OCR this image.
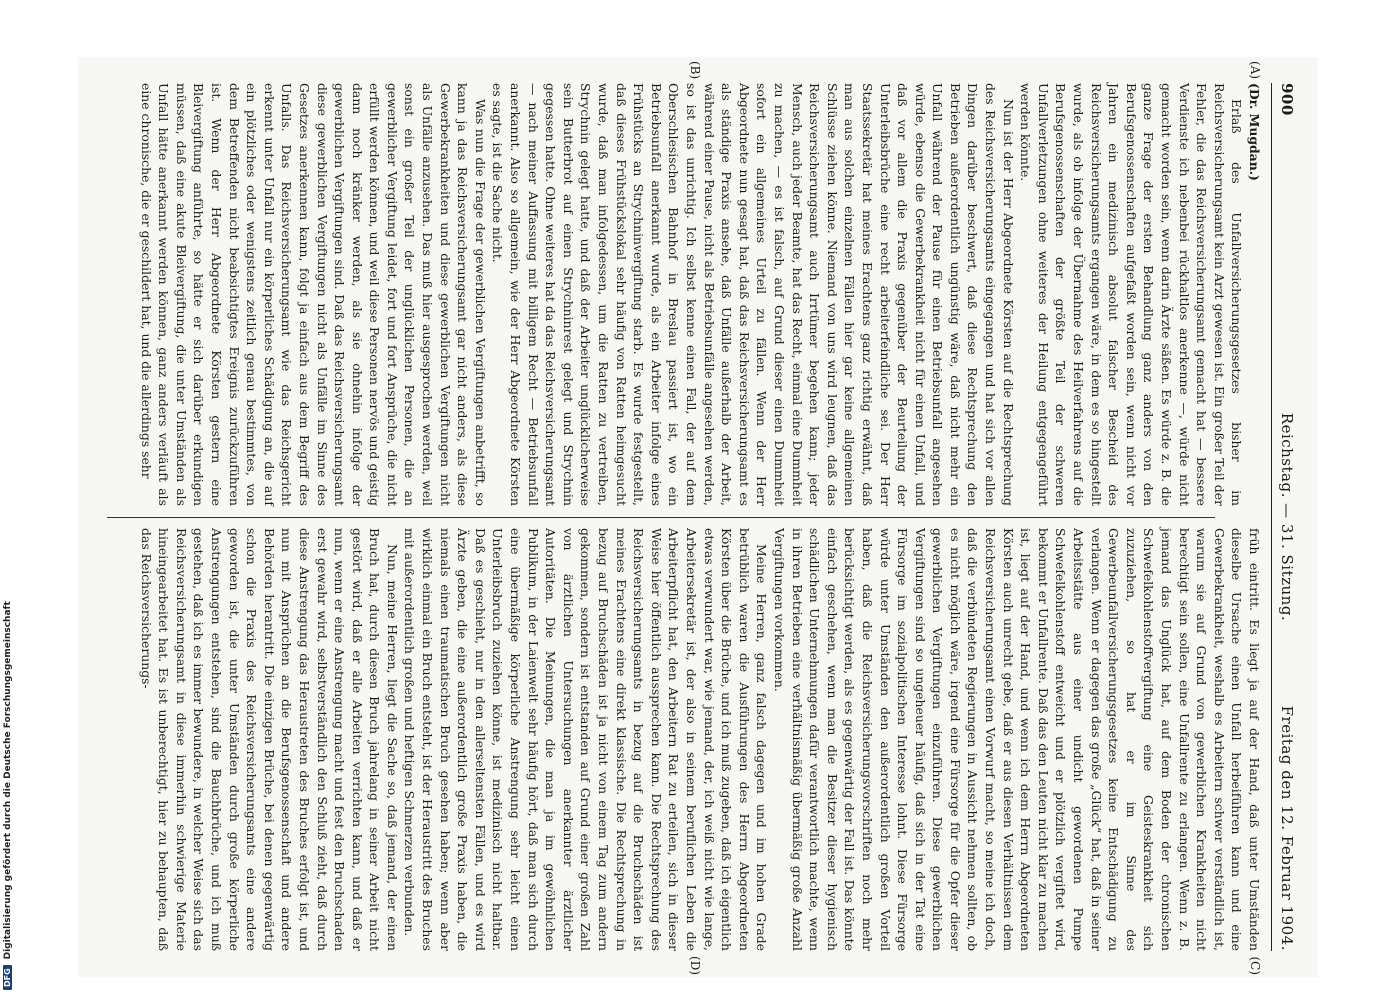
DFGDigitalisierung gefördert durch die Deutsche Forschungsgemeinschaft
900
Reichstag. — 31. Sitzung.
Freitag den 12. Februar 1904.
(A)
(B)

(Dr. Mugdan.)

Erlaß des Unfallversicherungsgesetzes bisher im Reichsversicherungsamt kein Arzt gewesen ist. Ein großer Teil der Fehler, die das Reichsversicherungsamt gemacht hat — bessere Verdienste ich nebenbei rückhaltlos anerkenne —, würde nicht gemacht worden sein, wenn darin Ärzte säßen. Es würde z. B. die ganze Frage der ersten Behandlung ganz anders von den Berufsgenossenschaften aufgefaßt worden sein, wenn nicht vor Jahren ein medizinisch absolut falscher Bescheid des Reichsversicherungsamts ergangen wäre, in dem es so hingestellt wurde, als ob infolge der Übernahme des Heilverfahrens auf die Berufsgenossenschaften der größte Teil der schweren Unfallverletzungen ohne weiteres der Heilung entgegengeführt werden könnte.

Nun ist der Herr Abgeordnete Körsten auf die Rechtsprechung des Reichsversicherungsamts eingegangen und hat sich vor allen Dingen darüber beschwert, daß diese Rechtsprechung den Betrieben außerordentlich ungünstig wäre, daß nicht mehr ein Unfall während der Pause für einen Betriebsunfall angesehen würde, ebenso die Gewerbekrankheit nicht für einen Unfall, und daß vor allem die Praxis gegenüber der Beurteilung der Unterleibsbrüche eine recht arbeiterfeindliche sei. Der Herr Staatssekretär hat meines Erachtens ganz richtig erwähnt, daß man aus solchen einzelnen Fällen hier gar keine allgemeinen Schlüsse ziehen könne. Niemand von uns wird leugnen, daß das Reichsversicherungsamt auch Irrtümer begehen kann; jeder Mensch, auch jeder Beamte, hat das Recht, einmal eine Dummheit zu machen, — es ist falsch, auf Grund dieser einen Dummheit sofort ein allgemeines Urteil zu fällen. Wenn der Herr Abgeordnete nun gesagt hat, daß das Reichsversicherungsamt es als ständige Praxis ansehe, daß Unfälle außerhalb der Arbeit, während einer Pause, nicht als Betriebsunfälle angesehen werden, so ist das unrichtig. Ich selbst kenne einen Fall, der auf dem Oberschlesischen Bahnhof in Breslau passiert ist, wo ein Betriebsunfall anerkannt wurde, als ein Arbeiter infolge eines Frühstücks an Strychninvergiftung starb. Es wurde festgestellt, daß dieses Frühstückslokal sehr häufig von Ratten heimgesucht wurde, daß man infolgedessen, um die Ratten zu vertreiben, Strychnin gelegt hatte, und daß der Arbeiter unglücklicherweise sein Butterbrot auf einen Strychninrest gelegt und Strychnin gegessen hatte. Ohne weiteres hat da das Reichsversicherungsamt — nach meiner Auffassung mit billigem Recht — Betriebsunfall anerkannt. Also so allgemein, wie der Herr Abgeordnete Körsten es sagte, ist die Sache nicht.

Was nun die Frage der gewerblichen Vergiftungen anbetrifft, so kann ja das Reichsversicherungsamt gar nicht anders, als diese Gewerbekrankheiten und diese gewerblichen Vergiftungen nicht als Unfälle anzusehen. Das muß hier ausgesprochen werden, weil sonst ein großer Teil der unglücklichen Personen, die an gewerblicher Vergiftung leidet, fort und fort Ansprüche, die nicht erfüllt werden können, und weil diese Personen nervös und geistig dann noch kränker werden, als sie ohnehin infolge der gewerblichen Vergiftungen sind. Daß das Reichsversicherungsamt diese gewerblichen Vergiftungen nicht als Unfälle im Sinne des Gesetzes anerkennen kann, folgt ja einfach aus dem Begriff des Unfalls. Das Reichsversicherungsamt wie das Reichsgericht erkennt unter Unfall nur ein körperliches Schädigung an, die auf ein plötzliches oder wenigstens zeitlich genau bestimmtes, von dem Betreffenden nicht beabsichtigtes Ereignis zurückzuführen ist. Wenn der Herr Abgeordnete Körsten gestern eine Bleivergiftung anführte, so hätte er sich darüber erkundigen müssen, daß eine akute Bleivergiftung, die unter Umständen als Unfall hätte anerkannt werden können, ganz anders verläuft als eine chronische, die er geschildert hat, und die allerdings sehr

(C)
(D)

früh eintritt. Es liegt ja auf der Hand, daß unter Umständen dieselbe Ursache einen Unfall herbeiführen kann und eine Gewerbekrankheit, weshalb es Arbeitern schwer verständlich ist, warum sie auf Grund von gewerblichen Krankheiten nicht berechtigt sein sollen, eine Unfallrente zu erlangen. Wenn z. B. jemand das Unglück hat, auf dem Boden der chronischen Schwefelkohlenstoffvergiftung eine Geisteskrankheit sich zuzuziehen, so hat er im Sinne des Gewerbeunfallversicherungsgesetzes keine Entschädigung zu verlangen. Wenn er dagegen das große „Glück“ hat, daß in seiner Arbeitsstätte aus einer undicht gewordenen Pumpe Schwefelkohlenstoff entweicht und er plötzlich vergiftet wird, bekommt er Unfallrente. Daß das den Leuten nicht klar zu machen ist, liegt auf der Hand, und wenn ich dem Herrn Abgeordneten Körsten auch unrecht gebe, daß er aus diesen Verhältnissen dem Reichsversicherungsamt einen Vorwurf macht, so meine ich doch, daß die verbündeten Regierungen in Aussicht nehmen sollten, ob es nicht möglich wäre, irgend eine Fürsorge für die Opfer dieser gewerblichen Vergiftungen einzuführen. Diese gewerblichen Vergiftungen sind so ungeheuer häufig, daß sich in der Tat eine Fürsorge im sozialpolitischen Interesse lohnt. Diese Fürsorge würde unter Umständen den außerordentlich großen Vorteil haben, daß die Reichsversicherungsvorschriften noch mehr berücksichtigt werden, als es gegenwärtig der Fall ist. Das könnte einfach geschehen, wenn man die Besitzer dieser hygienisch schädlichen Unternehmungen dafür verantwortlich machte, wenn in ihren Betrieben eine verhältnismäßig übermäßig große Anzahl Vergiftungen vorkommen.

Meine Herren, ganz falsch dagegen und im hohen Grade betrüblich waren die Ausführungen des Herrn Abgeordneten Körsten über die Brüche, und ich muß zugeben, daß ich eigentlich etwas verwundert war, wie jemand, der, ich weiß nicht wie lange, Arbeitersekretär ist, der also in seinem beruflichen Leben die Arbeiterpflicht hat, den Arbeitern Rat zu erteilen, sich in dieser Weise hier öffentlich aussprechen kann. Die Rechtsprechung des Reichsversicherungsamts in bezug auf die Bruchschäden ist meines Erachtens eine direkt klassische. Die Rechtsprechung in bezug auf Bruchschäden ist ja nicht von einem Tag zum andern gekommen, sondern ist entstanden auf Grund einer großen Zahl von ärztlichen Untersuchungen anerkannter ärztlicher Autoritäten. Die Meinungen, die man ja im gewöhnlichen Publikum, in der Laienwelt sehr häufig hört, daß man sich durch eine übermäßige körperliche Anstrengung sehr leicht einen Unterleibsbruch zuziehen könne, ist medizinisch nicht haltbar. Daß es geschieht, nur in den allerseltensten Fällen, und es wird Ärzte geben, die eine außerordentlich große Praxis haben, die niemals einen traumatischen Bruch gesehen haben; wenn aber wirklich einmal ein Bruch entsteht, ist der Heraustritt des Bruches mit außerordentlich großen und heftigen Schmerzen verbunden.

Nun, meine Herren, liegt die Sache so, daß jemand, der einen Bruch hat, durch diesen Bruch jahrelang in seiner Arbeit nicht gestört wird, daß er alle Arbeiten verrichten kann, und daß er nun, wenn er eine Anstrengung macht und fest den Bruchschaden erst gewahr wird, selbstverständlich den Schluß zieht, daß durch diese Anstrengung das Heraustreten des Bruches erfolgt ist, und nun mit Ansprüchen an die Berufsgenossenschaft und andere Behörden herantritt. Die einzigen Brüche, bei denen gegenwärtig schon die Praxis des Reichsversicherungsamts eine andere geworden ist, die unter Umständen durch große körperliche Anstrengungen entstehen, sind die Bauchbrüche, und ich muß gestehen, daß ich es immer bewundere, in welcher Weise sich das Reichsversicherungsamt in diese immerhin schwierige Materie hineingearbeitet hat. Es ist unberechtigt, hier zu behaupten, daß das Reichsversicherungs-
